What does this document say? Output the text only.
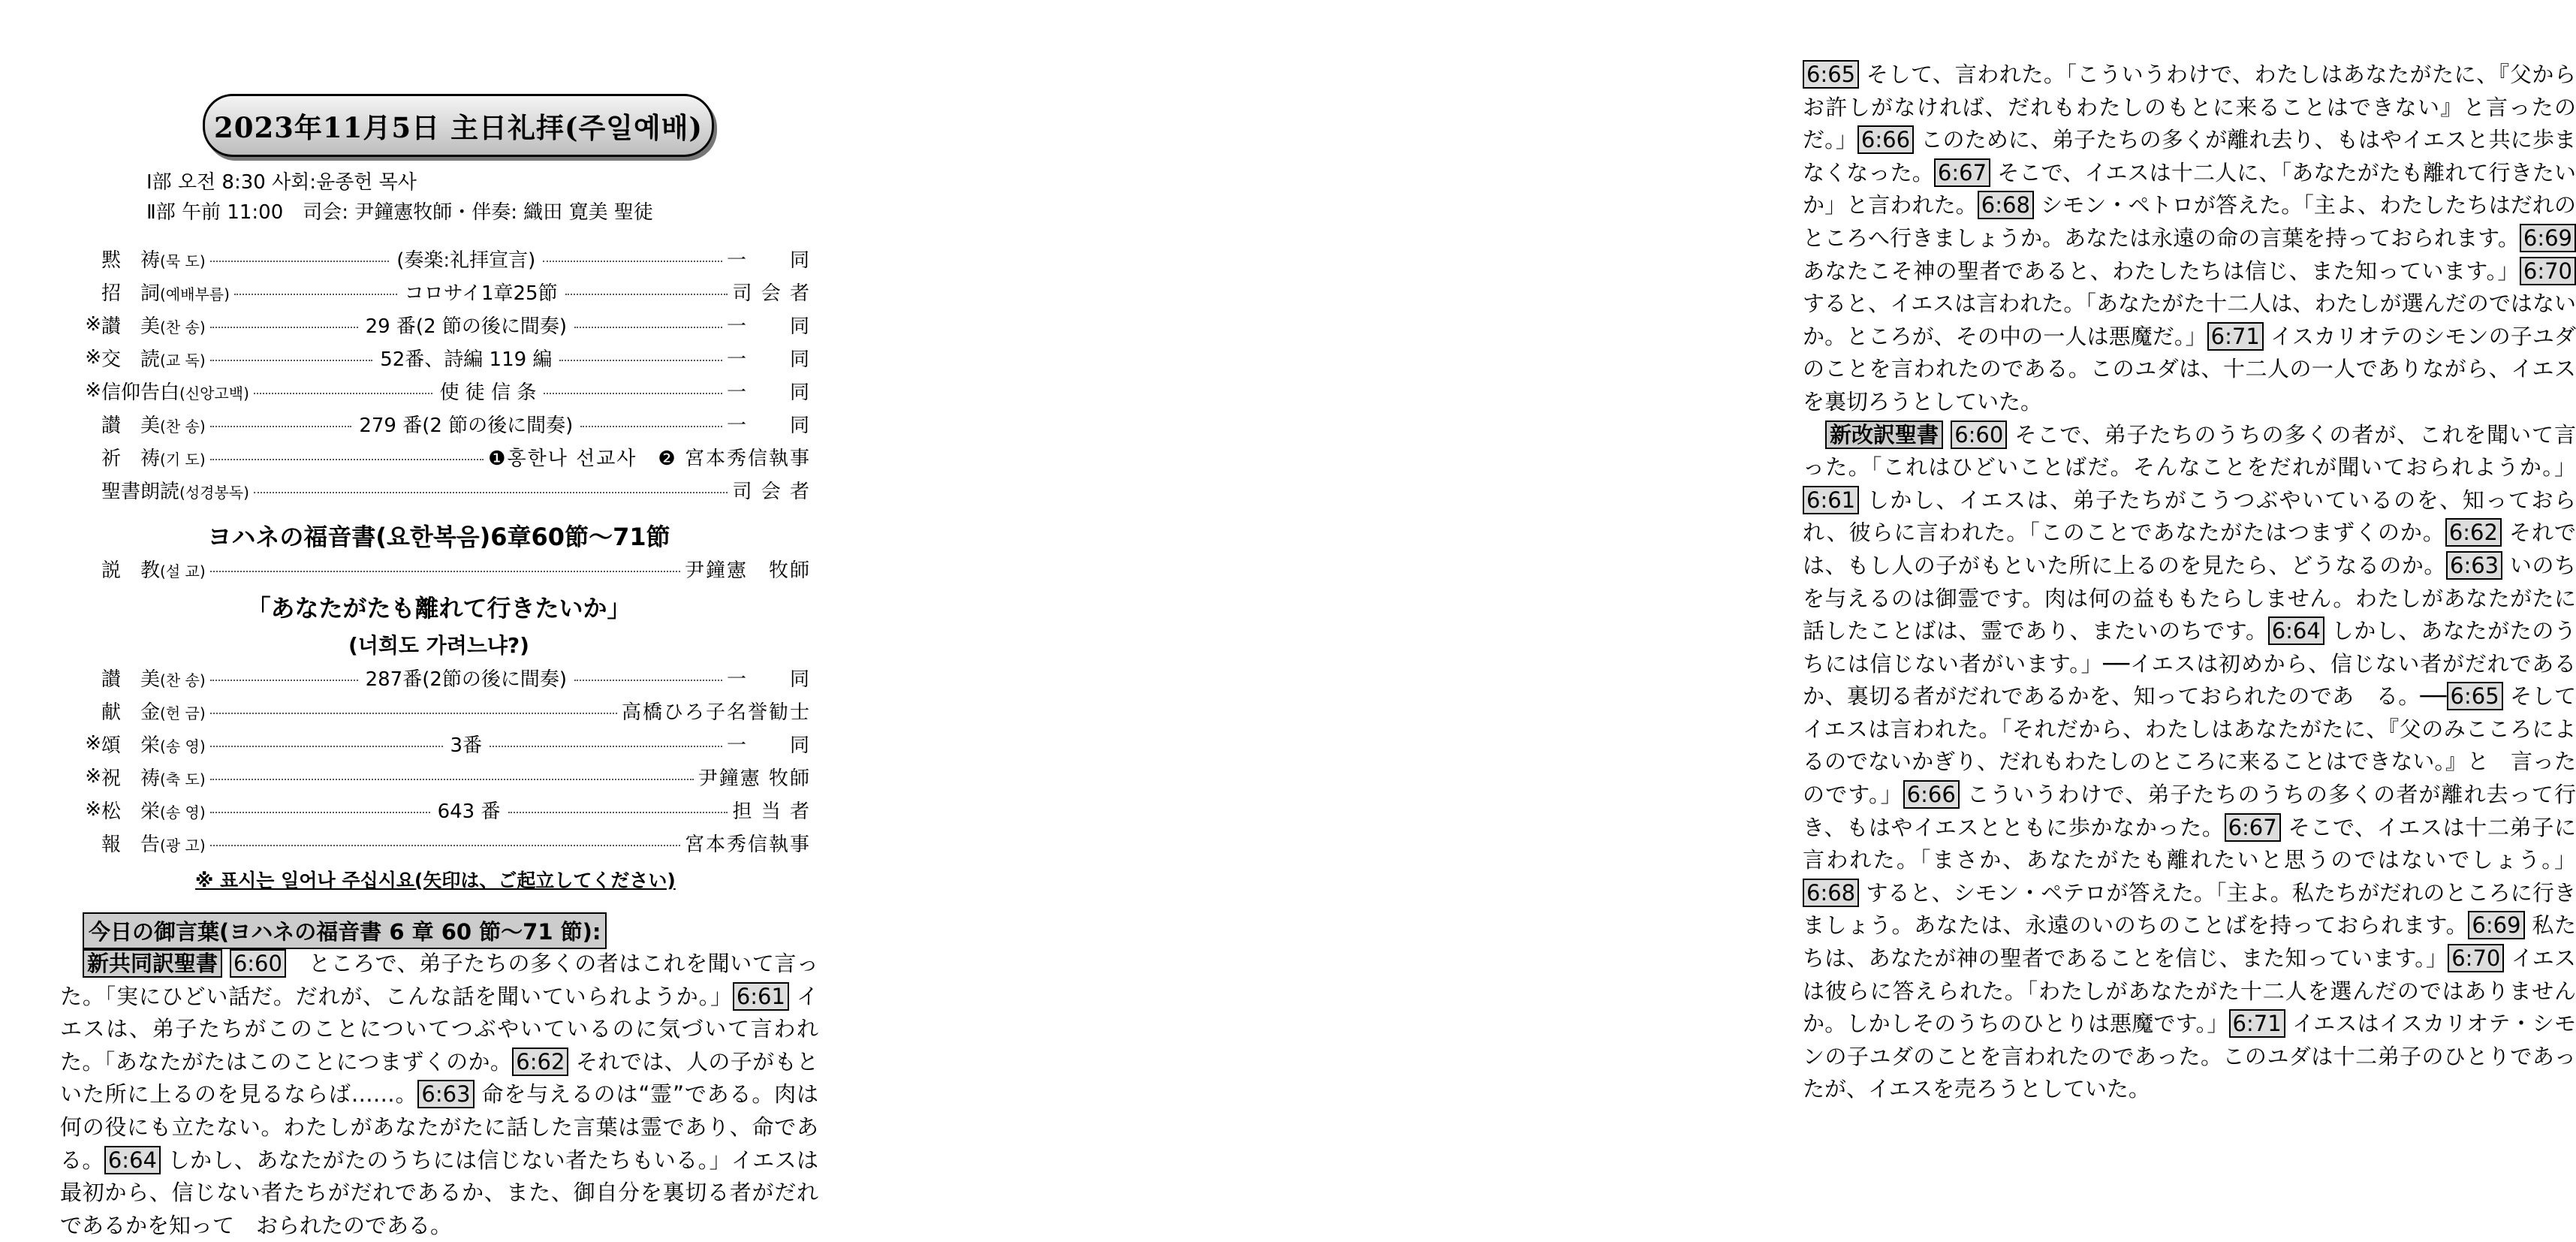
2023年11月5日 主日礼拝(주일예배)
Ⅰ部 오전 8:30 사회:윤종헌 목사
Ⅱ部 午前 11:00　司会: 尹鐘憲牧師・伴奏: 織田 寛美 聖徒
黙　祷(묵 도)	(奏楽:礼拝宣言)	一　　同
招　詞(예배부름)	コロサイ1章25節	司 会 者
※ 讃　美(찬 송)	29 番(2 節の後に間奏)	一　　同
※ 交　読(교 독)	52番、詩編 119 編	一　　同
※ 信仰告白(신앙고백)	使 徒 信 条	一　　同
讃　美(찬 송)	279 番(2 節の後に間奏)	一　　同
祈　祷(기 도)	❶홍한나 선교사　❷ 宮本秀信執事
聖書朗読(성경봉독)	司 会 者
ヨハネの福音書(요한복음)6章60節～71節
説　教(설 교)	尹鐘憲　牧師
「あなたがたも離れて行きたいか」
(너희도 가려느냐?)
讃　美(찬 송)	287番(2節の後に間奏)	一　　同
献　金(헌 금)	高橋ひろ子名誉勧士
※ 頌　栄(송 영)	3番	一　　同
※ 祝　祷(축 도)	尹鐘憲 牧師
※ 松　栄(송 영)	643 番	担 当 者
報　告(광 고)	宮本秀信執事
※ 표시는 일어나 주십시요(矢印は、ご起立してください)
今日の御言葉(ヨハネの福音書 6 章 60 節～71 節):
新共同訳聖書 6:60　ところで、弟子たちの多くの者はこれを聞いて言った。「実にひどい話だ。だれが、こんな話を聞いていられようか。」 6:61 イエスは、弟子たちがこのことについてつぶやいているのに気づいて言われた。「あなたがたはこのことにつまずくのか。 6:62 それでは、人の子がもといた所に上るのを見るならば……。 6:63 命を与えるのは“霊”である。肉は何の役にも立たない。わたしがあなたがたに話した言葉は霊であり、命である。 6:64 しかし、あなたがたのうちには信じない者たちもいる。」イエスは最初から、信じない者たちがだれであるか、また、御自分を裏切る者がだれであるかを知って　おられたのである。
6:65 そして、言われた。「こういうわけで、わたしはあなたがたに、『父からお許しがなければ、だれもわたしのもとに来ることはできない』と言ったのだ。」 6:66 このために、弟子たちの多くが離れ去り、もはやイエスと共に歩まなくなった。 6:67 そこで、イエスは十二人に、「あなたがたも離れて行きたいか」と言われた。 6:68 シモン・ペトロが答えた。「主よ、わたしたちはだれのところへ行きましょうか。あなたは永遠の命の言葉を持っておられます。 6:69 あなたこそ神の聖者であると、わたしたちは信じ、また知っています。」 6:70 すると、イエスは言われた。「あなたがた十二人は、わたしが選んだのではないか。ところが、その中の一人は悪魔だ。」 6:71 イスカリオテのシモンの子ユダのことを言われたのである。このユダは、十二人の一人でありながら、イエスを裏切ろうとしていた。
新改訳聖書 6:60 そこで、弟子たちのうちの多くの者が、これを聞いて言った。「これはひどいことばだ。そんなことをだれが聞いておられようか。」6:61 しかし、イエスは、弟子たちがこうつぶやいているのを、知っておられ、彼らに言われた。「このことであなたがたはつまずくのか。 6:62 それでは、もし人の子がもといた所に上るのを見たら、どうなるのか。 6:63 いのちを与えるのは御霊です。肉は何の益ももたらしません。わたしがあなたがたに話したことばは、霊であり、またいのちです。 6:64 しかし、あなたがたのうちには信じない者がいます。」──イエスは初めから、信じない者がだれであるか、裏切る者がだれであるかを、知っておられたのであ　る。── 6:65 そしてイエスは言われた。「それだから、わたしはあなたがたに、『父のみこころによるのでないかぎり、だれもわたしのところに来ることはできない。』と　言ったのです。」 6:66 こういうわけで、弟子たちのうちの多くの者が離れ去って行き、もはやイエスとともに歩かなかった。 6:67 そこで、イエスは十二弟子に言われた。「まさか、あなたがたも離れたいと思うのではないでしょう。」6:68 すると、シモン・ペテロが答えた。「主よ。私たちがだれのところに行きましょう。あなたは、永遠のいのちのことばを持っておられます。 6:69 私たちは、あなたが神の聖者であることを信じ、また知っています。」 6:70 イエスは彼らに答えられた。「わたしがあなたがた十二人を選んだのではありませんか。しかしそのうちのひとりは悪魔です。」 6:71 イエスはイスカリオテ・シモンの子ユダのことを言われたのであった。このユダは十二弟子のひとりであったが、イエスを売ろうとしていた。
